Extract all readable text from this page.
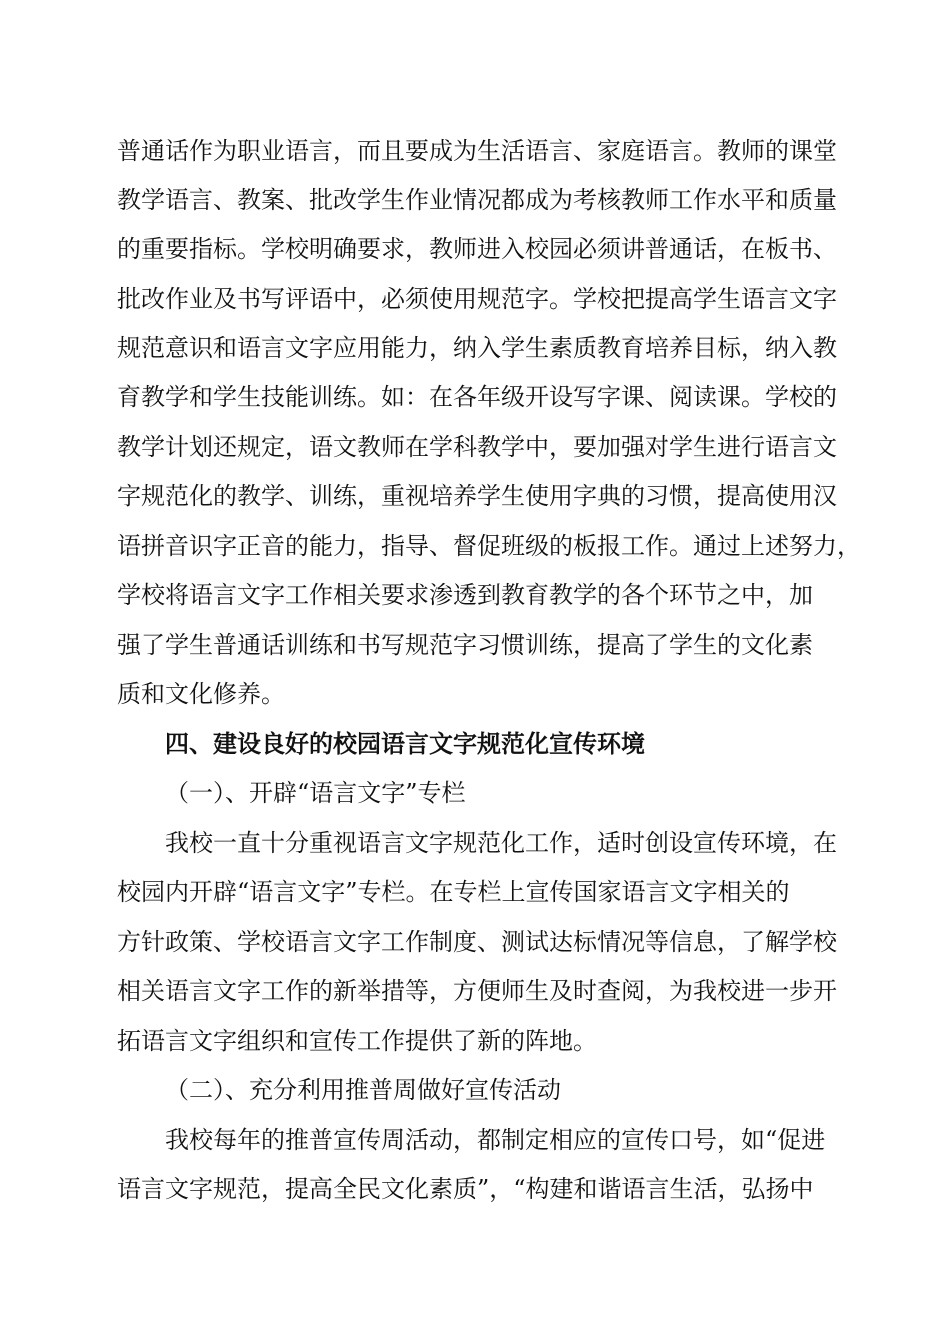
普通话作为职业语言，而且要成为生活语言、家庭语言。教师的课堂
教学语言、教案、批改学生作业情况都成为考核教师工作水平和质量
的重要指标。学校明确要求，教师进入校园必须讲普通话，在板书、
批改作业及书写评语中，必须使用规范字。学校把提高学生语言文字
规范意识和语言文字应用能力，纳入学生素质教育培养目标，纳入教
育教学和学生技能训练。如：在各年级开设写字课、阅读课。学校的
教学计划还规定，语文教师在学科教学中，要加强对学生进行语言文
字规范化的教学、训练，重视培养学生使用字典的习惯，提高使用汉
语拼音识字正音的能力，指导、督促班级的板报工作。通过上述努力，
学校将语言文字工作相关要求渗透到教育教学的各个环节之中，加
强了学生普通话训练和书写规范字习惯训练，提高了学生的文化素
质和文化修养。
四、建设良好的校园语言文字规范化宣传环境
（一）、开辟“语言文字”专栏
我校一直十分重视语言文字规范化工作，适时创设宣传环境，在
校园内开辟“语言文字”专栏。在专栏上宣传国家语言文字相关的
方针政策、学校语言文字工作制度、测试达标情况等信息，了解学校
相关语言文字工作的新举措等，方便师生及时查阅，为我校进一步开
拓语言文字组织和宣传工作提供了新的阵地。
（二）、充分利用推普周做好宣传活动
我校每年的推普宣传周活动，都制定相应的宣传口号，如“促进
语言文字规范，提高全民文化素质”，“构建和谐语言生活，弘扬中
